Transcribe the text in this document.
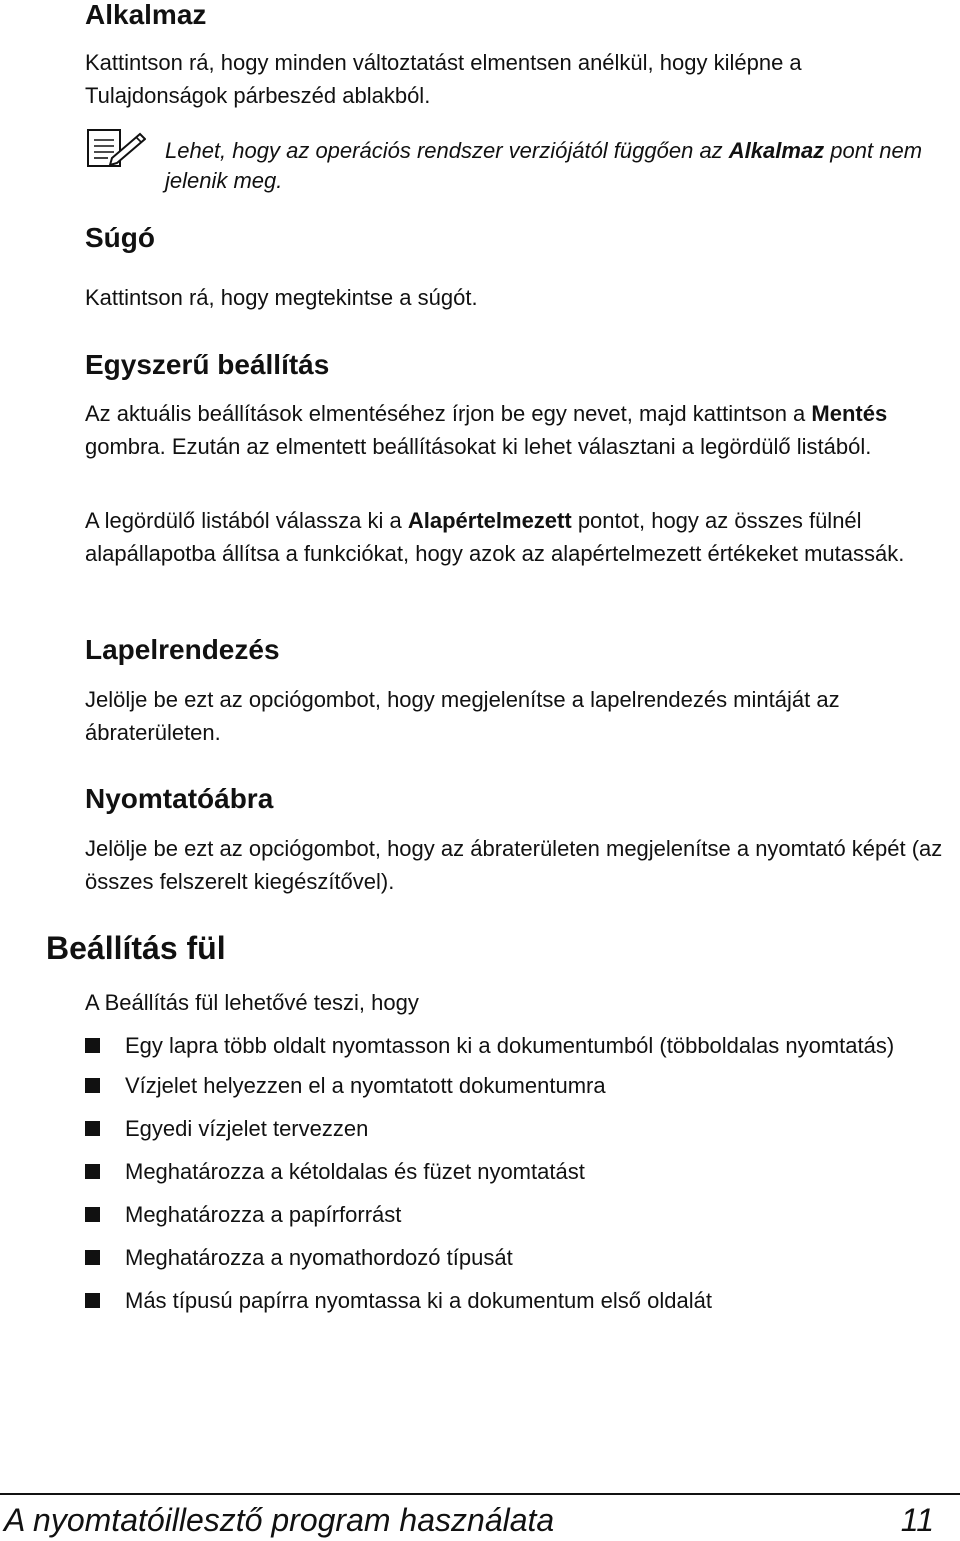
Alkalmaz
Kattintson rá, hogy minden változtatást elmentsen anélkül, hogy kilépne a Tulajdonságok párbeszéd ablakból.
Lehet, hogy az operációs rendszer verziójától függően az Alkalmaz pont nem jelenik meg.
Súgó
Kattintson rá, hogy megtekintse a súgót.
Egyszerű beállítás
Az aktuális beállítások elmentéséhez írjon be egy nevet, majd kattintson a Mentés gombra. Ezután az elmentett beállításokat ki lehet választani a legördülő listából.
A legördülő listából válassza ki a Alapértelmezett pontot, hogy az összes fülnél alapállapotba állítsa a funkciókat, hogy azok az alapértelmezett értékeket mutassák.
Lapelrendezés
Jelölje be ezt az opciógombot, hogy megjelenítse a lapelrendezés mintáját az ábraterületen.
Nyomtatóábra
Jelölje be ezt az opciógombot, hogy az ábraterületen megjelenítse a nyomtató képét (az összes felszerelt kiegészítővel).
Beállítás fül
A Beállítás fül lehetővé teszi, hogy
Egy lapra több oldalt nyomtasson ki a dokumentumból (többoldalas nyomtatás)
Vízjelet helyezzen el a nyomtatott dokumentumra
Egyedi vízjelet tervezzen
Meghatározza a kétoldalas és füzet nyomtatást
Meghatározza a papírforrást
Meghatározza a nyomathordozó típusát
Más típusú papírra nyomtassa ki a dokumentum első oldalát
A nyomtatóillesztő program használata	11
